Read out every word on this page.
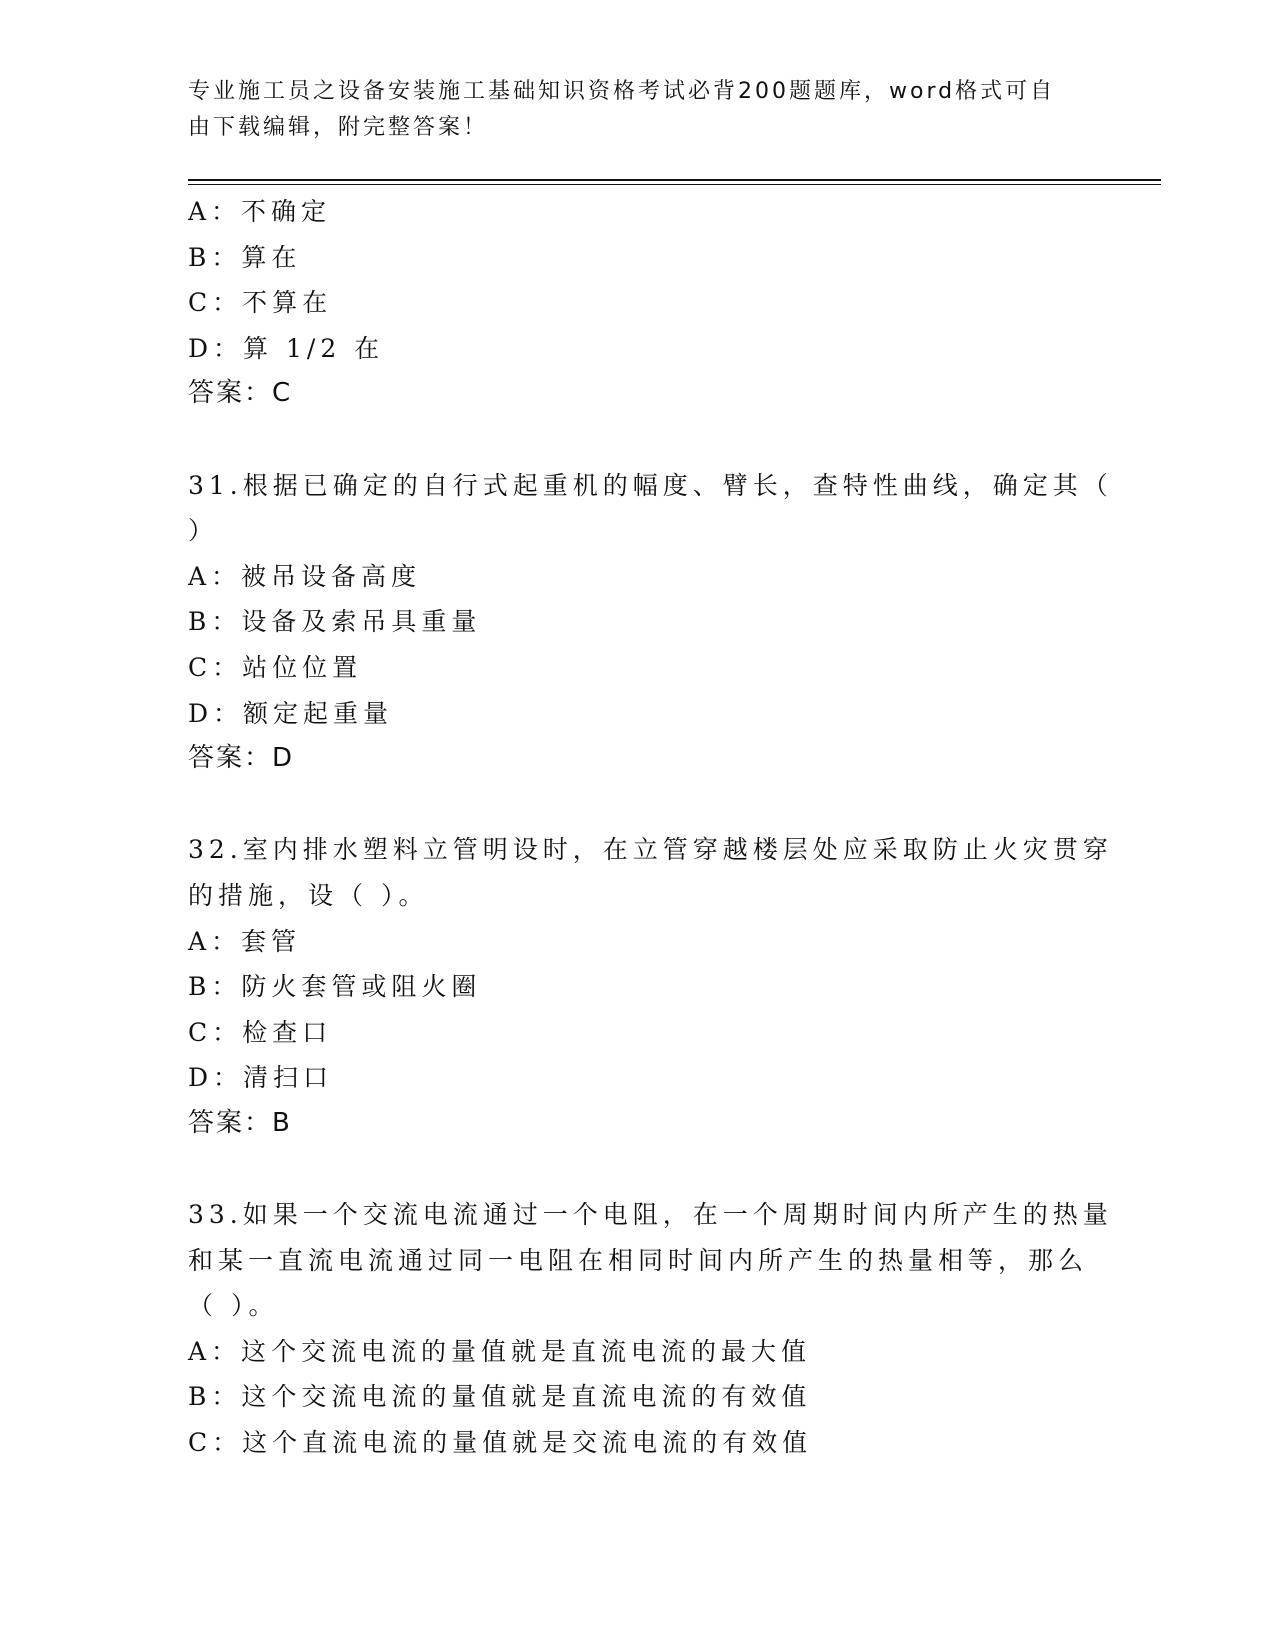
专业施工员之设备安装施工基础知识资格考试必背200题题库，word格式可自由下载编辑，附完整答案！
A：不确定
B：算在
C：不算在
D：算 1/2 在
答案：C
31.根据已确定的自行式起重机的幅度、臂长，查特性曲线，确定其（
）
A：被吊设备高度
B：设备及索吊具重量
C：站位位置
D：额定起重量
答案：D
32.室内排水塑料立管明设时，在立管穿越楼层处应采取防止火灾贯穿
的措施，设（ ）。
A：套管
B：防火套管或阻火圈
C：检查口
D：清扫口
答案：B
33.如果一个交流电流通过一个电阻，在一个周期时间内所产生的热量
和某一直流电流通过同一电阻在相同时间内所产生的热量相等，那么
（ ）。
A：这个交流电流的量值就是直流电流的最大值
B：这个交流电流的量值就是直流电流的有效值
C：这个直流电流的量值就是交流电流的有效值
